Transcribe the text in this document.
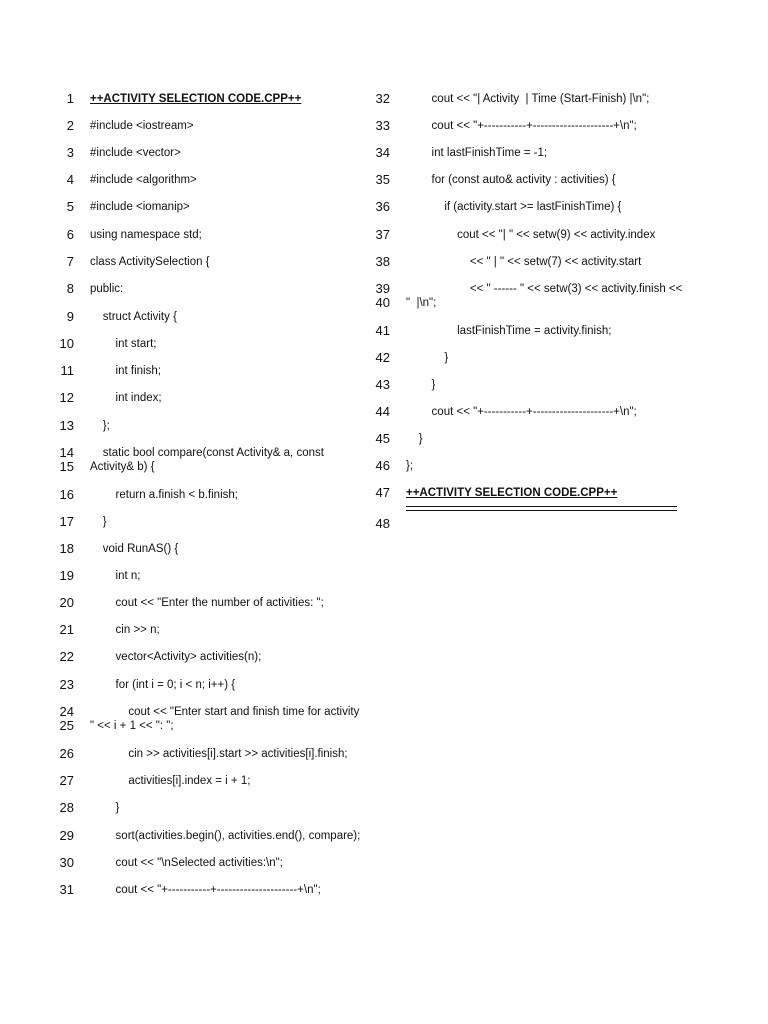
1 ++ACTIVITY SELECTION CODE.CPP++
2 #include <iostream>
3 #include <vector>
4 #include <algorithm>
5 #include <iomanip>
6 using namespace std;
7 class ActivitySelection {
8 public:
9 struct Activity {
10 int start;
11 int finish;
12 int index;
13 };
14 static bool compare(const Activity& a, const
15 Activity& b) {
16 return a.finish < b.finish;
17 }
18 void RunAS() {
19 int n;
20 cout << "Enter the number of activities: ";
21 cin >> n;
22 vector<Activity> activities(n);
23 for (int i = 0; i < n; i++) {
24 cout << "Enter start and finish time for activity
25 " << i + 1 << ": ";
26 cin >> activities[i].start >> activities[i].finish;
27 activities[i].index = i + 1;
28 }
29 sort(activities.begin(), activities.end(), compare);
30 cout << "\nSelected activities:\n";
31 cout << "+-----------+---------------------+\n";
32 cout << "| Activity  | Time (Start-Finish) |\n";
33 cout << "+-----------+---------------------+\n";
34 int lastFinishTime = -1;
35 for (const auto& activity : activities) {
36 if (activity.start >= lastFinishTime) {
37 cout << "| " << setw(9) << activity.index
38 << " | " << setw(7) << activity.start
39 << " ------ " << setw(3) << activity.finish <<
40 "  |\n";
41 lastFinishTime = activity.finish;
42 }
43 }
44 cout << "+-----------+---------------------+\n";
45 }
46 };
47 ++ACTIVITY SELECTION CODE.CPP++
48
